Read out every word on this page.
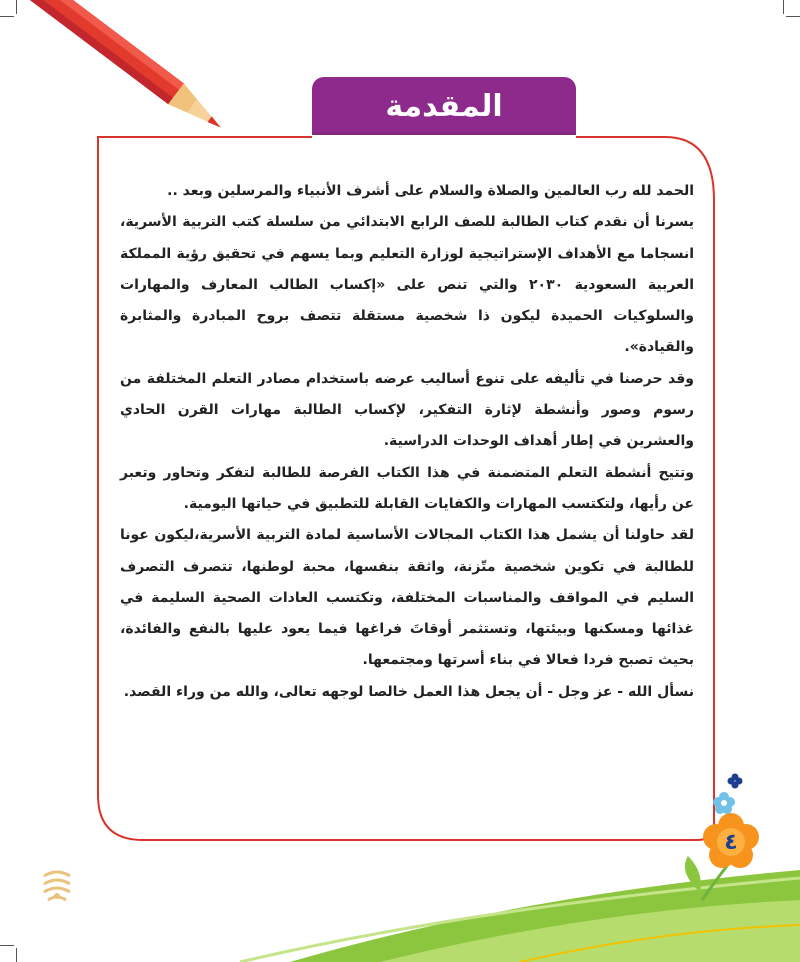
المقدمة

الحمد لله رب العالمين والصلاة والسلام على أشرف الأنبياء والمرسلين وبعد ..

يسرنا أن نقدم كتاب الطالبة للصف الرابع الابتدائي من سلسلة كتب التربية الأسرية، انسجاما مع الأهداف الإستراتيجية لوزارة التعليم وبما يسهم في تحقيق رؤية المملكة العربية السعودية ٢٠٣٠ والتي تنص على «إكساب الطالب المعارف والمهارات والسلوكيات الحميدة ليكون ذا شخصية مستقلة تتصف بروح المبادرة والمثابرة والقيادة».

وقد حرصنا في تأليفه على تنوع أساليب عرضه باستخدام مصادر التعلم المختلفة من رسوم وصور وأنشطة لإثارة التفكير، لإكساب الطالبة مهارات القرن الحادي والعشرين في إطار أهداف الوحدات الدراسية.

وتتيح أنشطة التعلم المتضمنة في هذا الكتاب الفرصة للطالبة لتفكر وتحاور وتعبر عن رأيها، ولتكتسب المهارات والكفايات القابلة للتطبيق في حياتها اليومية.

لقد حاولنا أن يشمل هذا الكتاب المجالات الأساسية لمادة التربية الأسرية،ليكون عونا للطالبة في تكوين شخصية متّزنة، واثقة بنفسها، محبة لوطنها، تتصرف التصرف السليم في المواقف والمناسبات المختلفة، وتكتسب العادات الصحية السليمة في غذائها ومسكنها وبيئتها، وتستثمر أوقاتَ فراغها فيما يعود عليها بالنفع والفائدة، بحيث تصبح فردا فعالا في بناء أسرتها ومجتمعها.

نسأل الله - عز وجل - أن يجعل هذا العمل خالصا لوجهه تعالى، والله من وراء القصد.

٤
